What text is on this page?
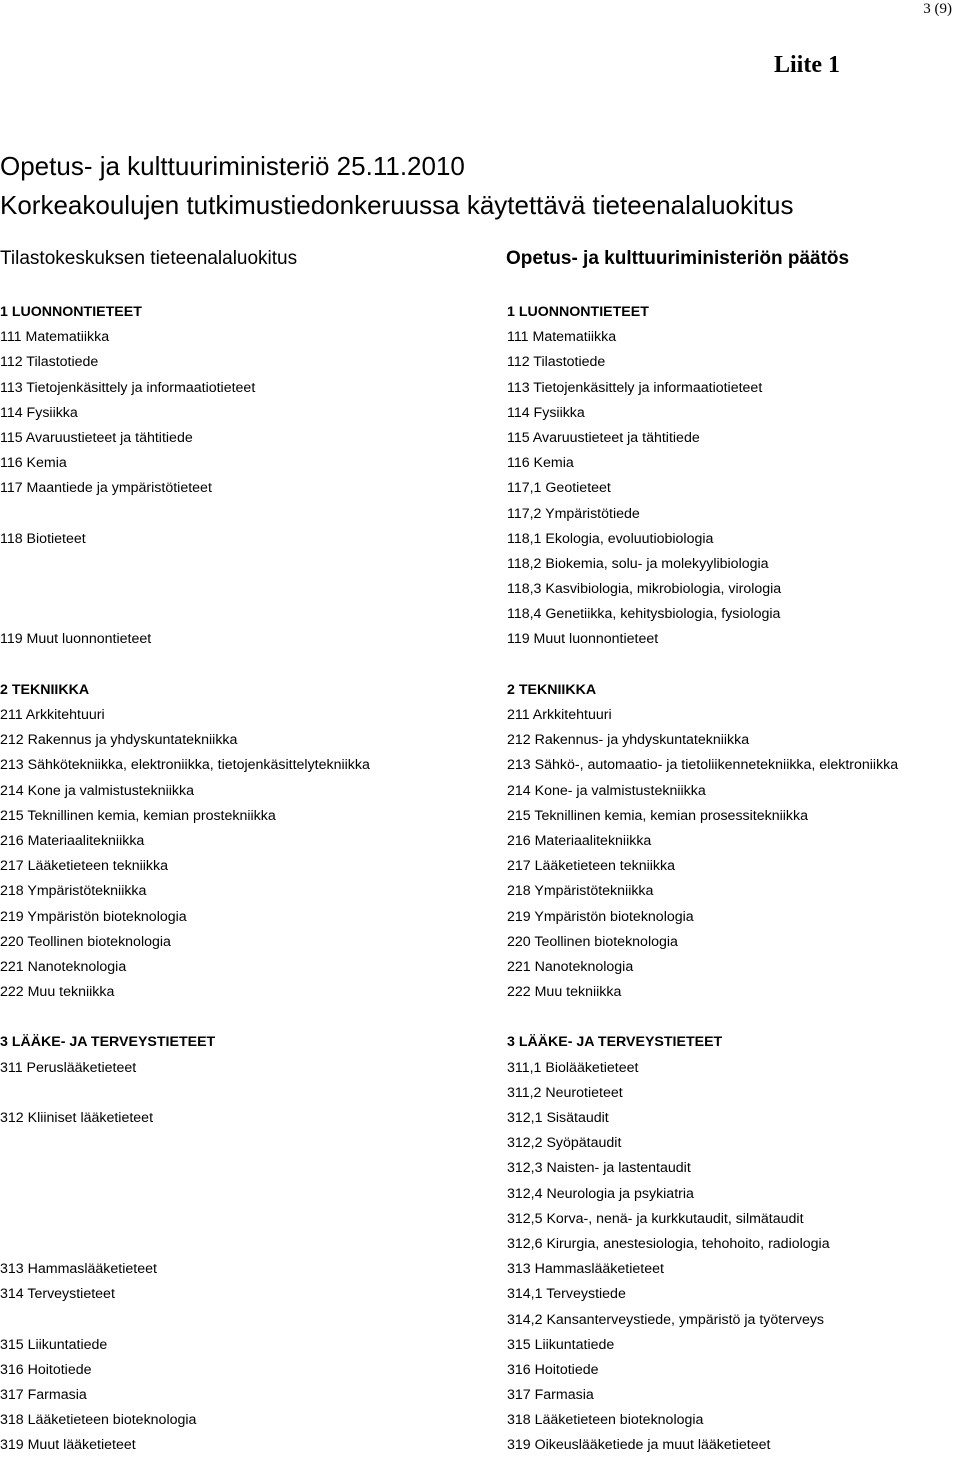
3 (9)
Liite 1
Opetus- ja kulttuuriministeriö 25.11.2010
Korkeakoulujen tutkimustiedonkeruussa käytettävä tieteenalaluokitus
Tilastokeskuksen tieteenalaluokitus	Opetus- ja kulttuuriministeriön päätös
1 LUONNONTIETEET
111 Matematiikka
112 Tilastotiede
113 Tietojenkäsittely ja informaatiotieteet
114 Fysiikka
115 Avaruustieteet ja tähtitiede
116 Kemia
117 Maantiede ja ympäristötieteet
118 Biotieteet
119 Muut luonnontieteet
2 TEKNIIKKA
211 Arkkitehtuuri
212 Rakennus ja yhdyskuntatekniikka
213 Sähkötekniikka, elektroniikka, tietojenkäsittelytekniikka
214 Kone ja valmistustekniikka
215 Teknillinen kemia, kemian prostekniikka
216 Materiaalitekniikka
217 Lääketieteen tekniikka
218 Ympäristötekniikka
219 Ympäristön bioteknologia
220 Teollinen bioteknologia
221 Nanoteknologia
222 Muu tekniikka
3 LÄÄKE- JA TERVEYSTIETEET
311 Peruslääketieteet
312 Kliiniset lääketieteet
313 Hammaslääketieteet
314 Terveystieteet
315 Liikuntatiede
316 Hoitotiede
317 Farmasia
318 Lääketieteen bioteknologia
319 Muut lääketieteet
1 LUONNONTIETEET
111 Matematiikka
112 Tilastotiede
113 Tietojenkäsittely ja informaatiotieteet
114 Fysiikka
115 Avaruustieteet ja tähtitiede
116 Kemia
117,1 Geotieteet
117,2 Ympäristötiede
118,1 Ekologia, evoluutiobiologia
118,2 Biokemia, solu- ja molekyylibiologia
118,3 Kasvibiologia, mikrobiologia, virologia
118,4 Genetiikka, kehitysbiologia, fysiologia
119 Muut luonnontieteet
2 TEKNIIKKA
211 Arkkitehtuuri
212 Rakennus- ja yhdyskuntatekniikka
213 Sähkö-, automaatio- ja tietoliikennetekniikka, elektroniikka
214 Kone- ja valmistustekniikka
215 Teknillinen kemia, kemian prosessitekniikka
216 Materiaalitekniikka
217 Lääketieteen tekniikka
218 Ympäristötekniikka
219 Ympäristön bioteknologia
220 Teollinen bioteknologia
221 Nanoteknologia
222 Muu tekniikka
3 LÄÄKE- JA TERVEYSTIETEET
311,1 Biolääketieteet
311,2 Neurotieteet
312,1 Sisätaudit
312,2 Syöpätaudit
312,3 Naisten- ja lastentaudit
312,4 Neurologia ja psykiatria
312,5 Korva-, nenä- ja kurkkutaudit, silmätaudit
312,6 Kirurgia, anestesiologia, tehohoito, radiologia
313 Hammaslääketieteet
314,1 Terveystiede
314,2 Kansanterveystiede, ympäristö ja työterveys
315 Liikuntatiede
316 Hoitotiede
317 Farmasia
318 Lääketieteen bioteknologia
319 Oikeuslääketiede ja muut lääketieteet
